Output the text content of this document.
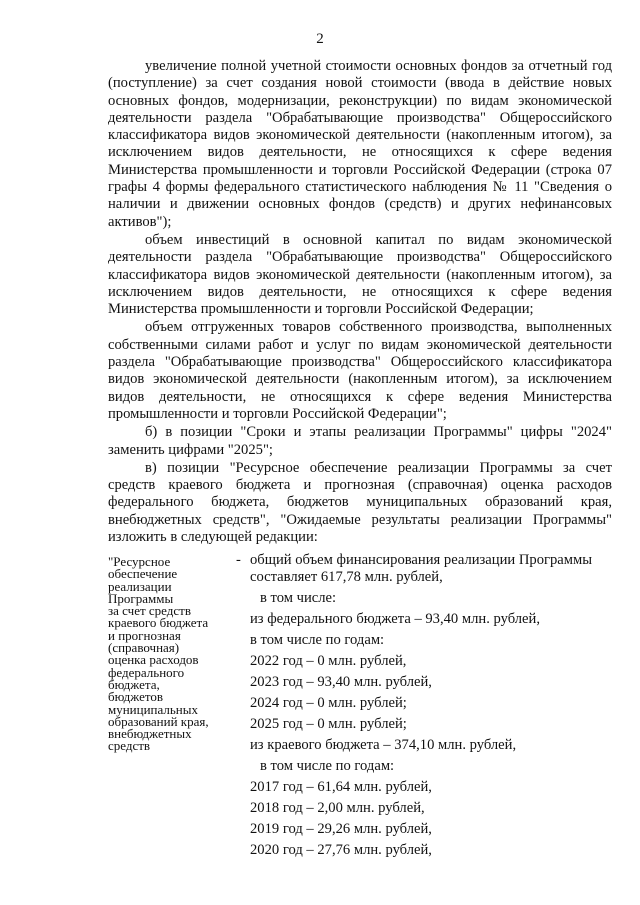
2

увеличение полной учетной стоимости основных фондов за отчетный год (поступление) за счет создания новой стоимости (ввода в действие новых основных фондов, модернизации, реконструкции) по видам экономической деятельности раздела "Обрабатывающие производства" Общероссийского классификатора видов экономической деятельности (накопленным итогом), за исключением видов деятельности, не относящихся к сфере ведения Министерства промышленности и торговли Российской Федерации (строка 07 графы 4 формы федерального статистического наблюдения № 11 "Сведения о наличии и движении основных фондов (средств) и других нефинансовых активов");

объем инвестиций в основной капитал по видам экономической деятельности раздела "Обрабатывающие производства" Общероссийского классификатора видов экономической деятельности (накопленным итогом), за исключением видов деятельности, не относящихся к сфере ведения Министерства промышленности и торговли Российской Федерации;

объем отгруженных товаров собственного производства, выполненных собственными силами работ и услуг по видам экономической деятельности раздела "Обрабатывающие производства" Общероссийского классификатора видов экономической деятельности (накопленным итогом), за исключением видов деятельности, не относящихся к сфере ведения Министерства промышленности и торговли Российской Федерации";

б) в позиции "Сроки и этапы реализации Программы" цифры "2024" заменить цифрами "2025";

в) позиции "Ресурсное обеспечение реализации Программы за счет средств краевого бюджета и прогнозная (справочная) оценка расходов федерального бюджета, бюджетов муниципальных образований края, внебюджетных средств", "Ожидаемые результаты реализации Программы" изложить в следующей редакции:

"Ресурсное
обеспечение
реализации
Программы
за счет средств
краевого бюджета
и прогнозная
(справочная)
оценка расходов
федерального
бюджета,
бюджетов
муниципальных
образований края,
внебюджетных
средств
- общий объем финансирования реализации Программы составляет 617,78 млн. рублей,
в том числе:
из федерального бюджета – 93,40 млн. рублей,
в том числе по годам:
2022 год – 0 млн. рублей,
2023 год – 93,40 млн. рублей,
2024 год – 0 млн. рублей;
2025 год – 0 млн. рублей;
из краевого бюджета – 374,10 млн. рублей,
в том числе по годам:
2017 год – 61,64 млн. рублей,
2018 год – 2,00 млн. рублей,
2019 год – 29,26 млн. рублей,
2020 год – 27,76 млн. рублей,
